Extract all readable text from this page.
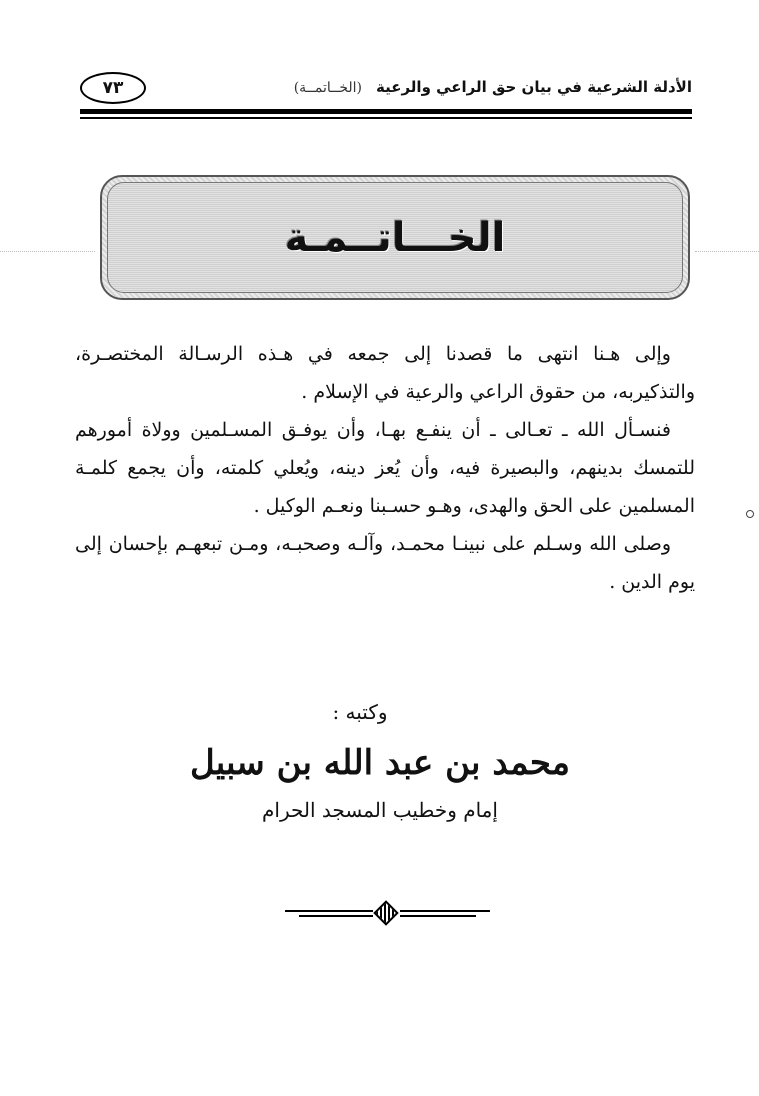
الأدلة الشرعية في بيان حق الراعي والرعية
(الخــاتمــة)
٧٣
الخـــاتــمـة

وإلى هـنا انتهى ما قصدنا إلى جمعه في هـذه الرسـالة المختصـرة، والتذكيربه، من حقوق الراعي والرعية في الإسلام .

فنسـأل الله ـ تعـالى ـ أن ينفـع بهـا، وأن يوفـق المسـلمين وولاة أمورهم للتمسك بدينهم، والبصيرة فيه، وأن يُعز دينه، ويُعلي كلمته، وأن يجمع كلمـة المسلمين على الحق والهدى، وهـو حسـبنا ونعـم الوكيل .

وصلى الله وسـلم على نبينـا محمـد، وآلـه وصحبـه، ومـن تبعهـم بإحسان إلى يوم الدين .

وكتبه :
محمد بن عبد الله بن سبيل
إمام وخطيب المسجد الحرام
